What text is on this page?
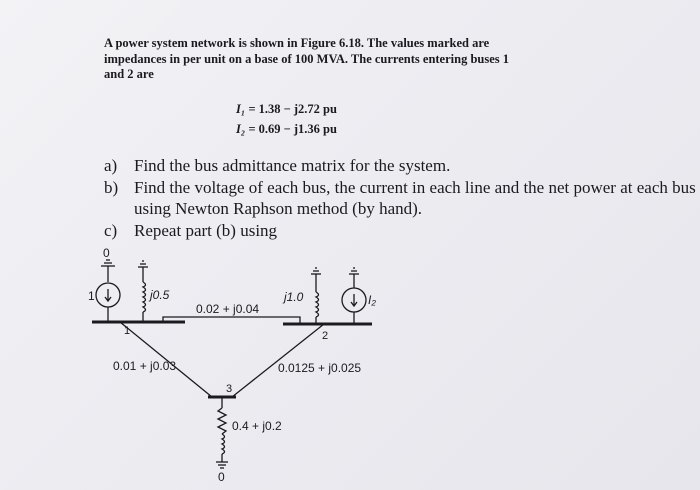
A power system network is shown in Figure 6.18. The values marked are impedances in per unit on a base of 100 MVA. The currents entering buses 1 and 2 are
I₁ = 1.38 − j2.72 pu
I₂ = 0.69 − j1.36 pu
a) Find the bus admittance matrix for the system.
b) Find the voltage of each bus, the current in each line and the net power at each bus using Newton Raphson method (by hand).
c) Repeat part (b) using
0
1	j0.5
0.02 + j0.04
j1.0	I₂
1	2
0.01 + j0.03	0.0125 + j0.025
3
0.4 + j0.2
0
